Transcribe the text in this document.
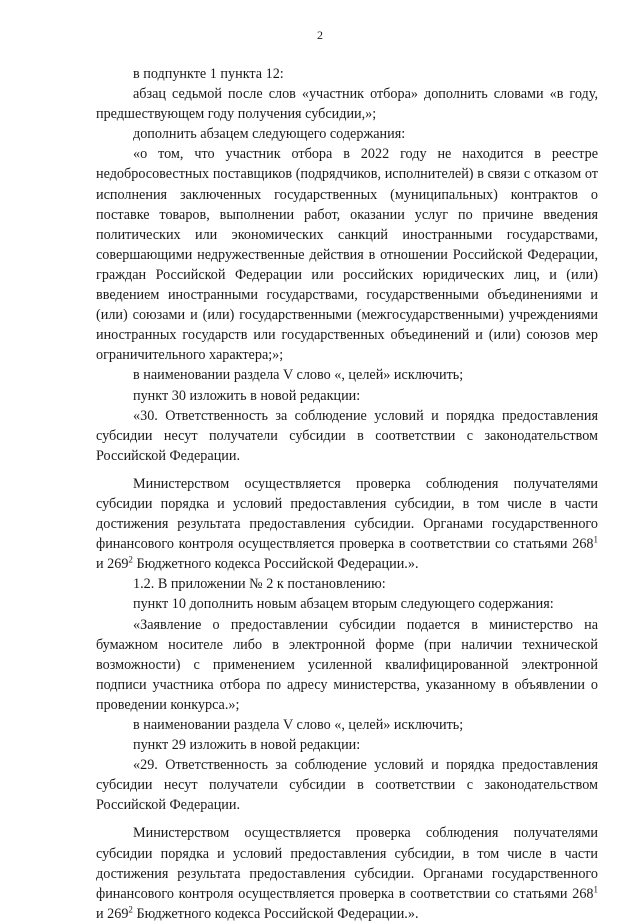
2

в подпункте 1 пункта 12:

абзац седьмой после слов «участник отбора» дополнить словами «в году, предшествующем году получения субсидии,»;

дополнить абзацем следующего содержания:

«о том, что участник отбора в 2022 году не находится в реестре недобросовестных поставщиков (подрядчиков, исполнителей) в связи с отказом от исполнения заключенных государственных (муниципальных) контрактов о поставке товаров, выполнении работ, оказании услуг по причине введения политических или экономических санкций иностранными государствами, совершающими недружественные действия в отношении Российской Федерации, граждан Российской Федерации или российских юридических лиц, и (или) введением иностранными государствами, государственными объединениями и (или) союзами и (или) государственными (межгосударственными) учреждениями иностранных государств или государственных объединений и (или) союзов мер ограничительного характера;»;

в наименовании раздела V слово «, целей» исключить;

пункт 30 изложить в новой редакции:

«30. Ответственность за соблюдение условий и порядка предоставления субсидии несут получатели субсидии в соответствии с законодательством Российской Федерации.

Министерством осуществляется проверка соблюдения получателями субсидии порядка и условий предоставления субсидии, в том числе в части достижения результата предоставления субсидии. Органами государственного финансового контроля осуществляется проверка в соответствии со статьями $268^1$ и $269^2$ Бюджетного кодекса Российской Федерации.».

1.2. В приложении № 2 к постановлению:

пункт 10 дополнить новым абзацем вторым следующего содержания:

«Заявление о предоставлении субсидии подается в министерство на бумажном носителе либо в электронной форме (при наличии технической возможности) с применением усиленной квалифицированной электронной подписи участника отбора по адресу министерства, указанному в объявлении о проведении конкурса.»;

в наименовании раздела V слово «, целей» исключить;

пункт 29 изложить в новой редакции:

«29. Ответственность за соблюдение условий и порядка предоставления субсидии несут получатели субсидии в соответствии с законодательством Российской Федерации.

Министерством осуществляется проверка соблюдения получателями субсидии порядка и условий предоставления субсидии, в том числе в части достижения результата предоставления субсидии. Органами государственного финансового контроля осуществляется проверка в соответствии со статьями $268^1$ и $269^2$ Бюджетного кодекса Российской Федерации.».
